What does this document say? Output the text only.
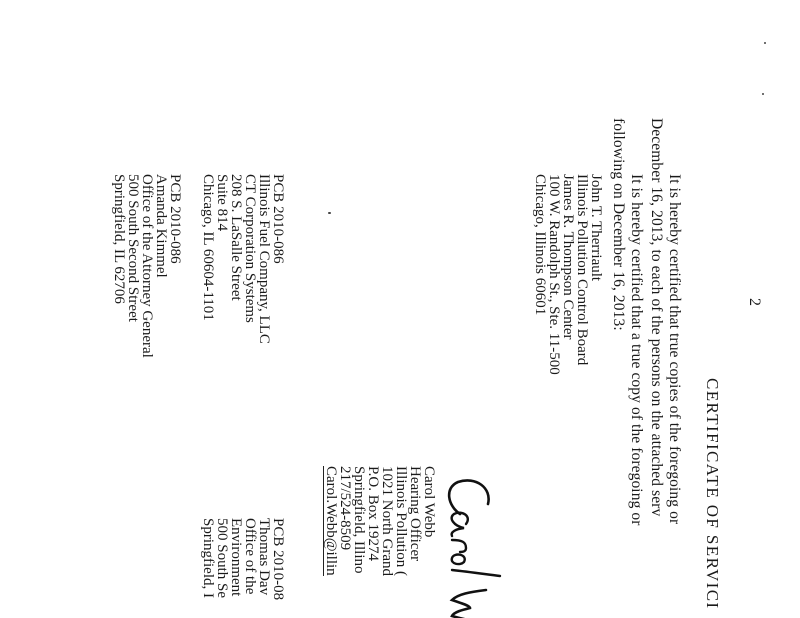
2
CERTIFICATE OF SERVICI
It is hereby certified that true copies of the foregoing or
December 16, 2013, to each of the persons on the attached serv
It is hereby certified that a true copy of the foregoing or
following on December 16, 2013:
John T. Therriault
Illinois Pollution Control Board
James R. Thompson Center
100 W. Randolph St., Ste. 11-500
Chicago, Illinois 60601
PCB 2010-086
Illinois Fuel Company, LLC
CT Corporation Systems
208 S. LaSalle Street
Suite 814
Chicago, IL 60604-1101
PCB 2010-086
Amanda Kimmel
Office of the Attorney General
500 South Second Street
Springfield, IL 62706
PCB 2010-08
Thomas Dav
Office of the
Environment
500 South Se
Springfield, I
Carol Webb
Hearing Officer
Illinois Pollution (
1021 North Grand
P.O. Box 19274
Springfield, Illino
217/524-8509
Carol.Webb@illin
